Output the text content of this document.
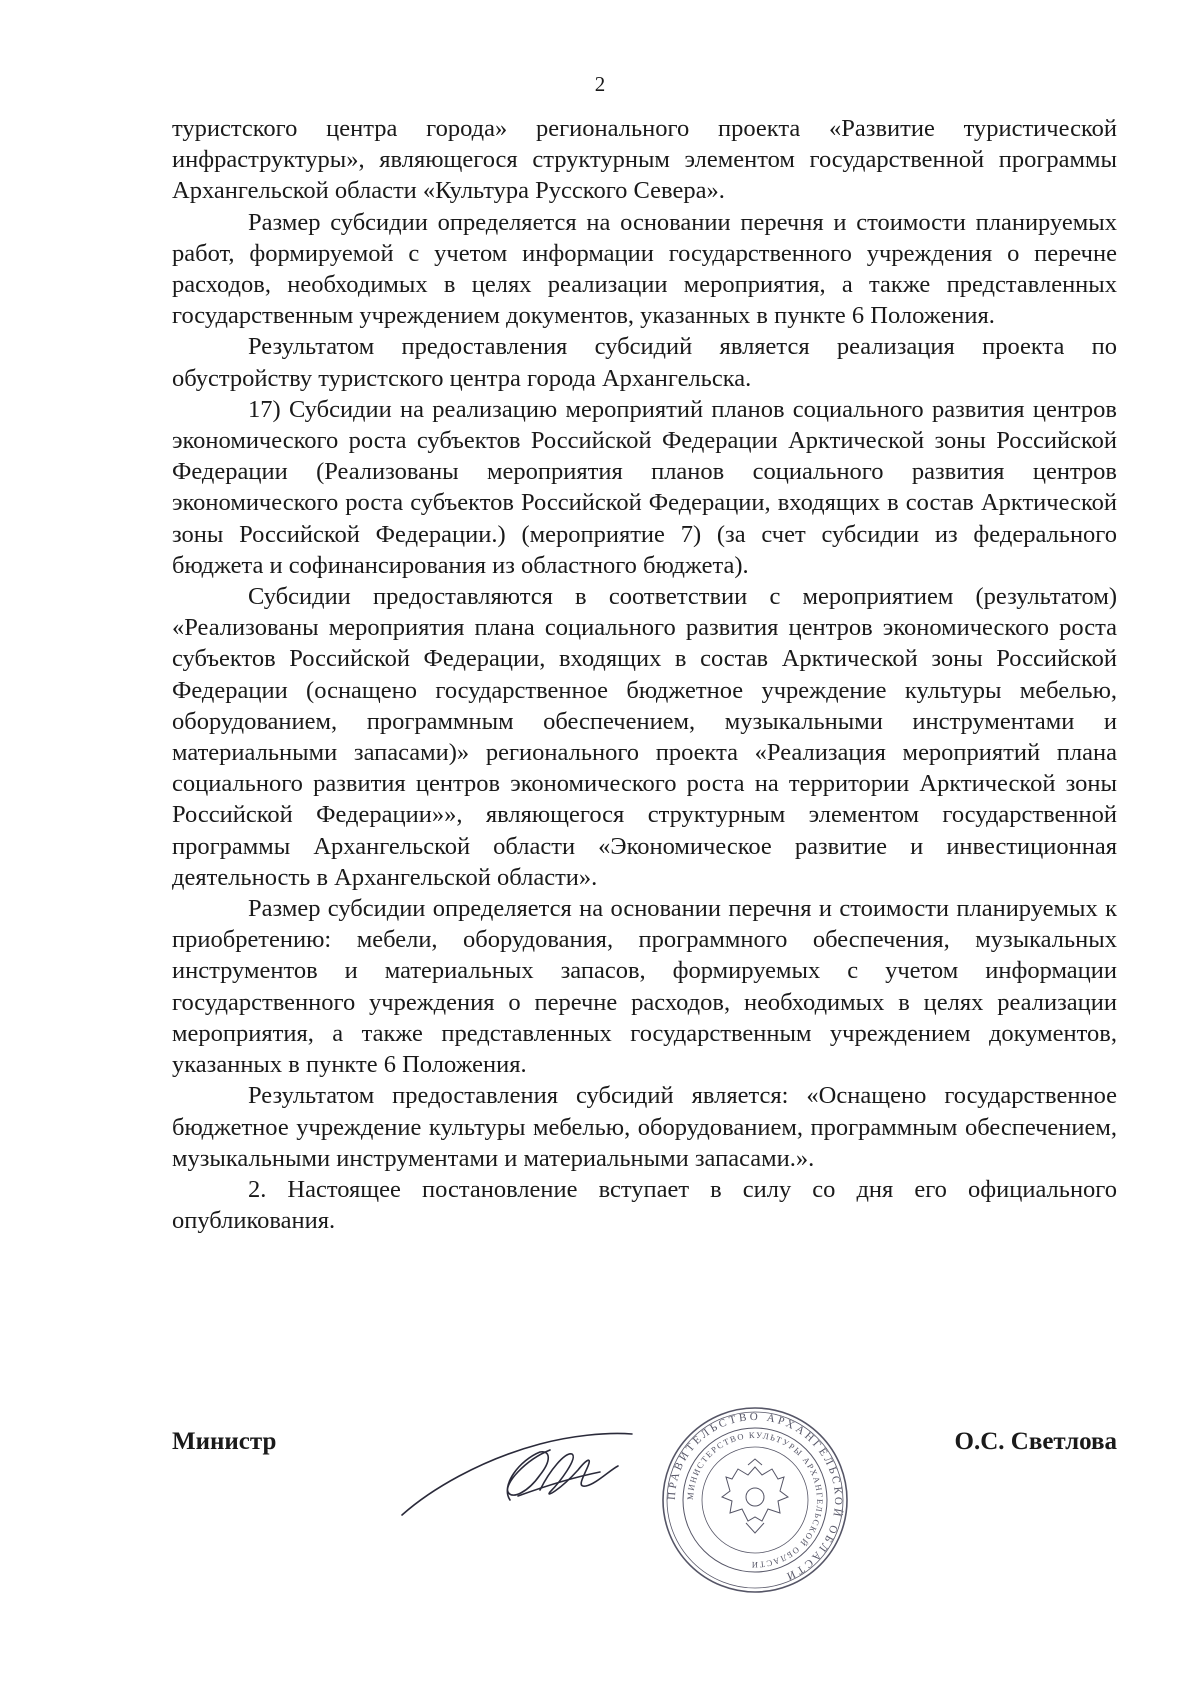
2

туристского центра города» регионального проекта «Развитие туристической инфраструктуры», являющегося структурным элементом государственной программы Архангельской области «Культура Русского Севера».

Размер субсидии определяется на основании перечня и стоимости планируемых работ, формируемой с учетом информации государственного учреждения о перечне расходов, необходимых в целях реализации мероприятия, а также представленных государственным учреждением документов, указанных в пункте 6 Положения.

Результатом предоставления субсидий является реализация проекта по обустройству туристского центра города Архангельска.

17) Субсидии на реализацию мероприятий планов социального развития центров экономического роста субъектов Российской Федерации Арктической зоны Российской Федерации (Реализованы мероприятия планов социального развития центров экономического роста субъектов Российской Федерации, входящих в состав Арктической зоны Российской Федерации.) (мероприятие 7) (за счет субсидии из федерального бюджета и софинансирования из областного бюджета).

Субсидии предоставляются в соответствии с мероприятием (результатом) «Реализованы мероприятия плана социального развития центров экономического роста субъектов Российской Федерации, входящих в состав Арктической зоны Российской Федерации (оснащено государственное бюджетное учреждение культуры мебелью, оборудованием, программным обеспечением, музыкальными инструментами и материальными запасами)» регионального проекта «Реализация мероприятий плана социального развития центров экономического роста на территории Арктической зоны Российской Федерации»», являющегося структурным элементом государственной программы Архангельской области «Экономическое развитие и инвестиционная деятельность в Архангельской области».

Размер субсидии определяется на основании перечня и стоимости планируемых к приобретению: мебели, оборудования, программного обеспечения, музыкальных инструментов и материальных запасов, формируемых с учетом информации государственного учреждения о перечне расходов, необходимых в целях реализации мероприятия, а также представленных государственным учреждением документов, указанных в пункте 6 Положения.

Результатом предоставления субсидий является: «Оснащено государственное бюджетное учреждение культуры мебелью, оборудованием, программным обеспечением, музыкальными инструментами и материальными запасами.».

2. Настоящее постановление вступает в силу со дня его официального опубликования.

Министр	О.С. Светлова
ПРАВИТЕЛЬСТВО АРХАНГЕЛЬСКОЙ ОБЛАСТИ
МИНИСТЕРСТВО КУЛЬТУРЫ АРХАНГЕЛЬСКОЙ ОБЛАСТИ
